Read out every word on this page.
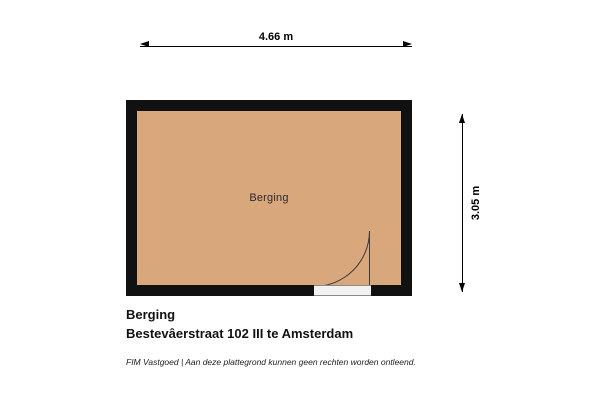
4.66 m
3.05 m
Berging
Berging
Bestevâerstraat 102 III te Amsterdam
FIM Vastgoed | Aan deze plattegrond kunnen geen rechten worden ontleend.
